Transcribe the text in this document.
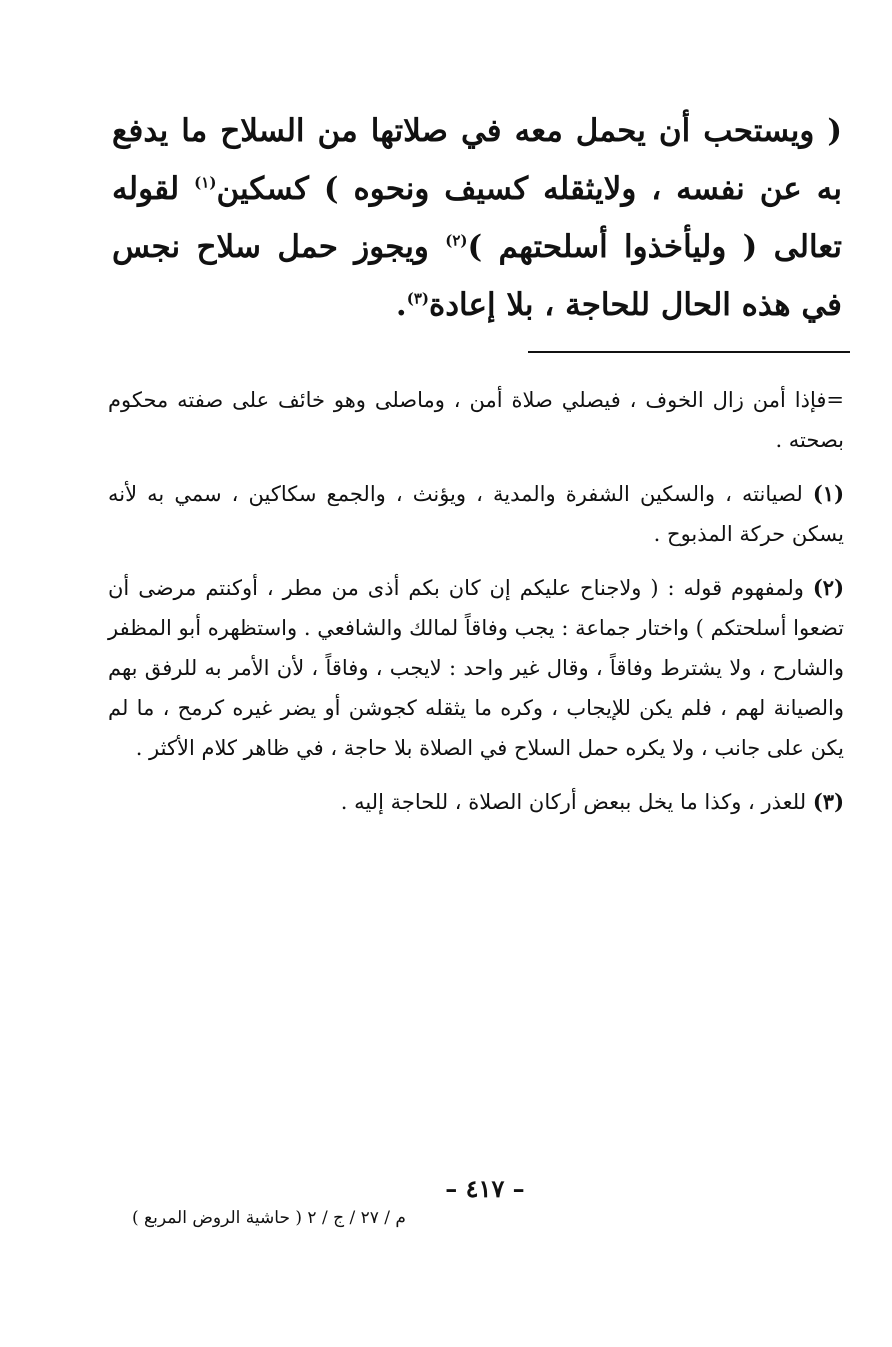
( ويستحب أن يحمل معه في صلاتها من السلاح ما يدفع به عن نفسه ، ولايثقله كسيف ونحوه ) كسكين$^{(١)}$ لقوله تعالى ( وليأخذوا أسلحتهم )$^{(٢)}$ ويجوز حمل سلاح نجس في هذه الحال للحاجة ، بلا إعادة$^{(٣)}$.

=فإذا أمن زال الخوف ، فيصلي صلاة أمن ، وماصلى وهو خائف على صفته محكوم بصحته .

(١) لصيانته ، والسكين الشفرة والمدية ، ويؤنث ، والجمع سكاكين ، سمي به لأنه يسكن حركة المذبوح .

(٢) ولمفهوم قوله : ( ولاجناح عليكم إن كان بكم أذى من مطر ، أوكنتم مرضى أن تضعوا أسلحتكم ) واختار جماعة : يجب وفاقاً لمالك والشافعي . واستظهره أبو المظفر والشارح ، ولا يشترط وفاقاً ، وقال غير واحد : لايجب ، وفاقاً ، لأن الأمر به للرفق بهم والصيانة لهم ، فلم يكن للإيجاب ، وكره ما يثقله كجوشن أو يضر غيره كرمح ، ما لم يكن على جانب ، ولا يكره حمل السلاح في الصلاة بلا حاجة ، في ظاهر كلام الأكثر .

(٣) للعذر ، وكذا ما يخل ببعض أركان الصلاة ، للحاجة إليه .

– ٤١٧ –
م / ٢٧ / ج / ٢ ( حاشية الروض المربع )
